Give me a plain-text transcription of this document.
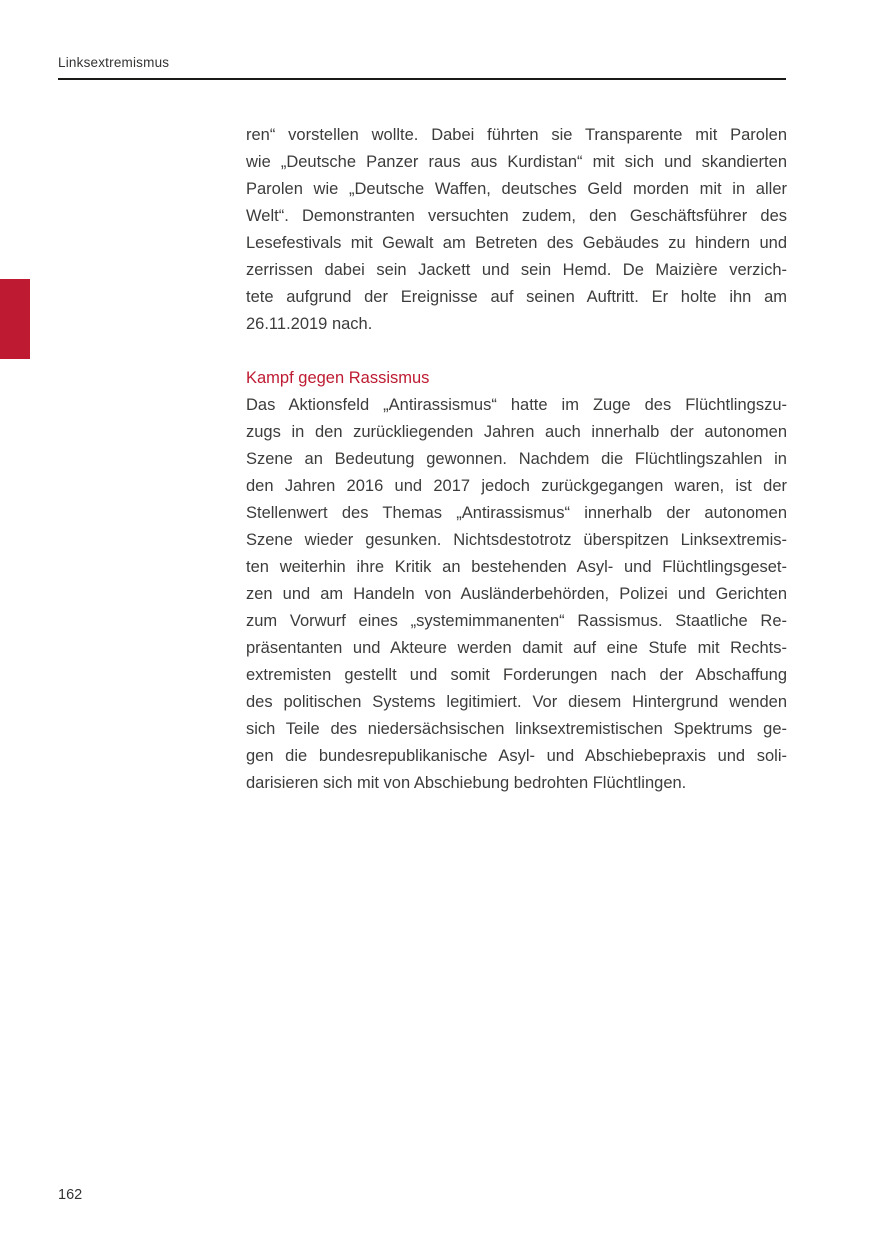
Linksextremismus
ren“ vorstellen wollte. Dabei führten sie Transparente mit Parolen
wie „Deutsche Panzer raus aus Kurdistan“ mit sich und skandierten
Parolen wie „Deutsche Waffen, deutsches Geld morden mit in aller
Welt“. Demonstranten versuchten zudem, den Geschäftsführer des
Lesefestivals mit Gewalt am Betreten des Gebäudes zu hindern und
zerrissen dabei sein Jackett und sein Hemd. De Maizière verzich-
tete aufgrund der Ereignisse auf seinen Auftritt. Er holte ihn am
26.11.2019 nach.
Kampf gegen Rassismus
Das Aktionsfeld „Antirassismus“ hatte im Zuge des Flüchtlingszu-
zugs in den zurückliegenden Jahren auch innerhalb der autonomen
Szene an Bedeutung gewonnen. Nachdem die Flüchtlingszahlen in
den Jahren 2016 und 2017 jedoch zurückgegangen waren, ist der
Stellenwert des Themas „Antirassismus“ innerhalb der autonomen
Szene wieder gesunken. Nichtsdestotrotz überspitzen Linksextremis-
ten weiterhin ihre Kritik an bestehenden Asyl- und Flüchtlingsgeset-
zen und am Handeln von Ausländerbehörden, Polizei und Gerichten
zum Vorwurf eines „systemimmanenten“ Rassismus. Staatliche Re-
präsentanten und Akteure werden damit auf eine Stufe mit Rechts-
extremisten gestellt und somit Forderungen nach der Abschaffung
des politischen Systems legitimiert. Vor diesem Hintergrund wenden
sich Teile des niedersächsischen linksextremistischen Spektrums ge-
gen die bundesrepublikanische Asyl- und Abschiebepraxis und soli-
darisieren sich mit von Abschiebung bedrohten Flüchtlingen.
162
